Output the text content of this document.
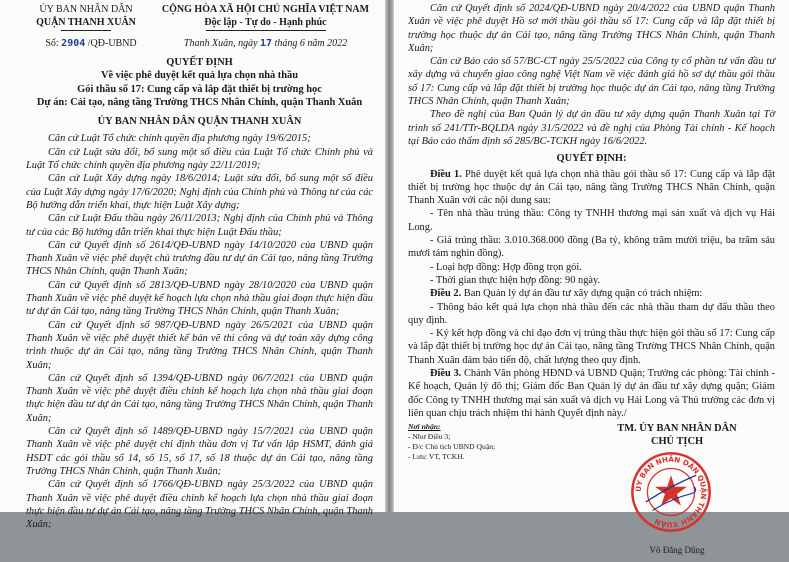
ỦY BAN NHÂN DÂN

QUẬN THANH XUÂN

CỘNG HÒA XÃ HỘI CHỦ NGHĨA VIỆT NAM

Độc lập - Tự do - Hạnh phúc

Số: 2904 /QĐ-UBND	Thanh Xuân, ngày 17 tháng 6 năm 2022

QUYẾT ĐỊNH

Về việc phê duyệt kết quả lựa chọn nhà thầu

Gói thầu số 17: Cung cấp và lắp đặt thiết bị trường học

Dự án: Cải tạo, nâng tầng Trường THCS Nhân Chính, quận Thanh Xuân

ỦY BAN NHÂN DÂN QUẬN THANH XUÂN

Căn cứ Luật Tổ chức chính quyền địa phương ngày 19/6/2015;

Căn cứ Luật sửa đổi, bổ sung một số điều của Luật Tổ chức Chính phủ và Luật Tổ chức chính quyền địa phương ngày 22/11/2019;

Căn cứ Luật Xây dựng ngày 18/6/2014; Luật sửa đổi, bổ sung một số điều của Luật Xây dựng ngày 17/6/2020; Nghị định của Chính phủ và Thông tư của các Bộ hướng dẫn triển khai, thực hiện Luật Xây dựng;

Căn cứ Luật Đấu thầu ngày 26/11/2013; Nghị định của Chính phủ và Thông tư của các Bộ hướng dẫn triển khai thực hiện Luật Đấu thầu;

Căn cứ Quyết định số 2614/QĐ-UBND ngày 14/10/2020 của UBND quận Thanh Xuân về việc phê duyệt chủ trương đầu tư dự án Cải tạo, nâng tầng Trường THCS Nhân Chính, quận Thanh Xuân;

Căn cứ Quyết định số 2813/QĐ-UBND ngày 28/10/2020 của UBND quận Thanh Xuân về việc phê duyệt kế hoạch lựa chọn nhà thầu giai đoạn thực hiện đầu tư dự án Cải tạo, nâng tầng Trường THCS Nhân Chính, quận Thanh Xuân;

Căn cứ Quyết định số 987/QĐ-UBND ngày 26/5/2021 của UBND quận Thanh Xuân về việc phê duyệt thiết kế bản vẽ thi công và dự toán xây dựng công trình thuộc dự án Cải tạo, nâng tầng Trường THCS Nhân Chính, quận Thanh Xuân;

Căn cứ Quyết định số 1394/QĐ-UBND ngày 06/7/2021 của UBND quận Thanh Xuân về việc phê duyệt điều chỉnh kế hoạch lựa chọn nhà thầu giai đoạn thực hiện đầu tư dự án Cải tạo, nâng tầng Trường THCS Nhân Chính, quận Thanh Xuân;

Căn cứ Quyết định số 1489/QĐ-UBND ngày 15/7/2021 của UBND quận Thanh Xuân về việc phê duyệt chỉ định thầu đơn vị Tư vấn lập HSMT, đánh giá HSDT các gói thầu số 14, số 15, số 17, số 18 thuộc dự án Cải tạo, nâng tầng Trường THCS Nhân Chính, quận Thanh Xuân;

Căn cứ Quyết định số 1766/QĐ-UBND ngày 25/3/2022 của UBND quận Thanh Xuân về việc phê duyệt điều chỉnh kế hoạch lựa chọn nhà thầu giai đoạn thực hiện đầu tư dự án Cải tạo, nâng tầng Trường THCS Nhân Chính, quận Thanh Xuân;

Căn cứ Quyết định số 2024/QĐ-UBND ngày 20/4/2022 của UBND quận Thanh Xuân về việc phê duyệt Hồ sơ mời thầu gói thầu số 17: Cung cấp và lắp đặt thiết bị trường học thuộc dự án Cải tạo, nâng tầng Trường THCS Nhân Chính, quận Thanh Xuân;

Căn cứ Báo cáo số 57/BC-CT ngày 25/5/2022 của Công ty cổ phần tư vấn đầu tư xây dựng và chuyển giao công nghệ Việt Nam về việc đánh giá hồ sơ dự thầu gói thầu số 17: Cung cấp và lắp đặt thiết bị trường học thuộc dự án Cải tạo, nâng tầng Trường THCS Nhân Chính, quận Thanh Xuân;

Theo đề nghị của Ban Quản lý dự án đầu tư xây dựng quận Thanh Xuân tại Tờ trình số 241/TTr-BQLDA ngày 31/5/2022 và đề nghị của Phòng Tài chính - Kế hoạch tại Báo cáo thẩm định số 285/BC-TCKH ngày 16/6/2022.

QUYẾT ĐỊNH:

Điều 1. Phê duyệt kết quả lựa chọn nhà thầu gói thầu số 17: Cung cấp và lắp đặt thiết bị trường học thuộc dự án Cải tạo, nâng tầng Trường THCS Nhân Chính, quận Thanh Xuân với các nội dung sau:

- Tên nhà thầu trúng thầu: Công ty TNHH thương mại sản xuất và dịch vụ Hải Long.

- Giá trúng thầu: 3.010.368.000 đồng (Ba tỷ, không trăm mười triệu, ba trăm sáu mươi tám nghìn đồng).

- Loại hợp đồng: Hợp đồng trọn gói.

- Thời gian thực hiện hợp đồng: 90 ngày.

Điều 2. Ban Quản lý dự án đầu tư xây dựng quận có trách nhiệm:

- Thông báo kết quả lựa chọn nhà thầu đến các nhà thầu tham dự đấu thầu theo quy định.

- Ký kết hợp đồng và chỉ đạo đơn vị trúng thầu thực hiện gói thầu số 17: Cung cấp và lắp đặt thiết bị trường học dự án Cải tạo, nâng tầng Trường THCS Nhân Chính, quận Thanh Xuân đảm bảo tiến độ, chất lượng theo quy định.

Điều 3. Chánh Văn phòng HĐND và UBND Quận; Trưởng các phòng: Tài chính - Kế hoạch, Quản lý đô thị; Giám đốc Ban Quản lý dự án đầu tư xây dựng quận; Giám đốc Công ty TNHH thương mại sản xuất và dịch vụ Hải Long và Thủ trưởng các đơn vị liên quan chịu trách nhiệm thi hành Quyết định này./

Nơi nhận:

- Như Điều 3;

- Đ/c Chủ tịch UBND Quận;

- Lưu: VT, TCKH.

TM. ỦY BAN NHÂN DÂN

CHỦ TỊCH

ỦY BAN NHÂN DÂN QUẬN THANH XUÂN

Võ Đăng Dũng
